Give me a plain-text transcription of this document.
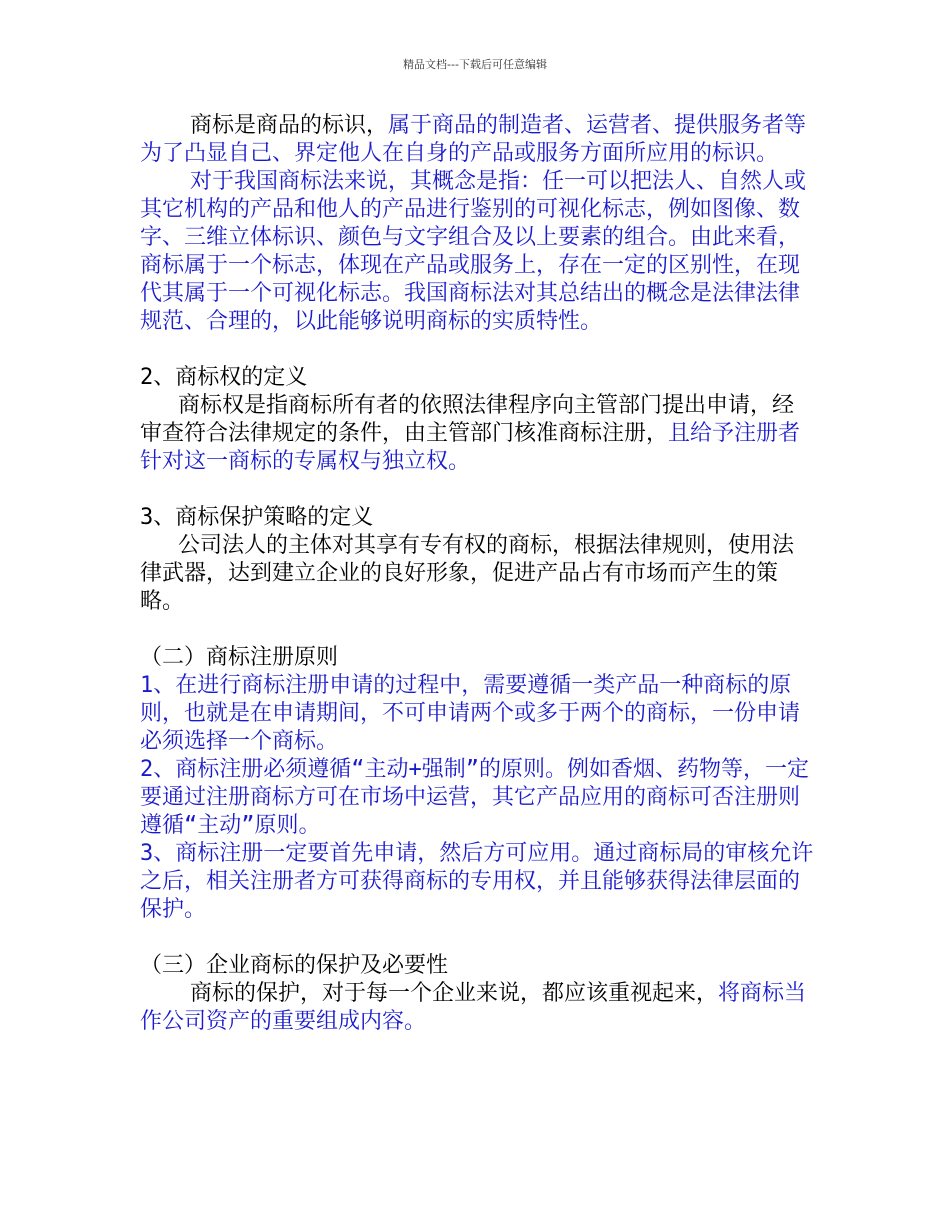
精品文档---下载后可任意编辑

商标是商品的标识，属于商品的制造者、运营者、提供服务者等为了凸显自己、界定他人在自身的产品或服务方面所应用的标识。

对于我国商标法来说，其概念是指：任一可以把法人、自然人或其它机构的产品和他人的产品进行鉴别的可视化标志，例如图像、数字、三维立体标识、颜色与文字组合及以上要素的组合。由此来看，商标属于一个标志，体现在产品或服务上，存在一定的区别性，在现代其属于一个可视化标志。我国商标法对其总结出的概念是法律法律规范、合理的，以此能够说明商标的实质特性。

2、商标权的定义

商标权是指商标所有者的依照法律程序向主管部门提出申请，经审查符合法律规定的条件，由主管部门核准商标注册，且给予注册者针对这一商标的专属权与独立权。

3、商标保护策略的定义

公司法人的主体对其享有专有权的商标，根据法律规则，使用法律武器，达到建立企业的良好形象，促进产品占有市场而产生的策略。

（二）商标注册原则

1、在进行商标注册申请的过程中，需要遵循一类产品一种商标的原则，也就是在申请期间，不可申请两个或多于两个的商标，一份申请必须选择一个商标。

2、商标注册必须遵循“主动+强制”的原则。例如香烟、药物等，一定要通过注册商标方可在市场中运营，其它产品应用的商标可否注册则遵循“主动”原则。

3、商标注册一定要首先申请，然后方可应用。通过商标局的审核允许之后，相关注册者方可获得商标的专用权，并且能够获得法律层面的保护。

（三）企业商标的保护及必要性

商标的保护，对于每一个企业来说，都应该重视起来，将商标当作公司资产的重要组成内容。
